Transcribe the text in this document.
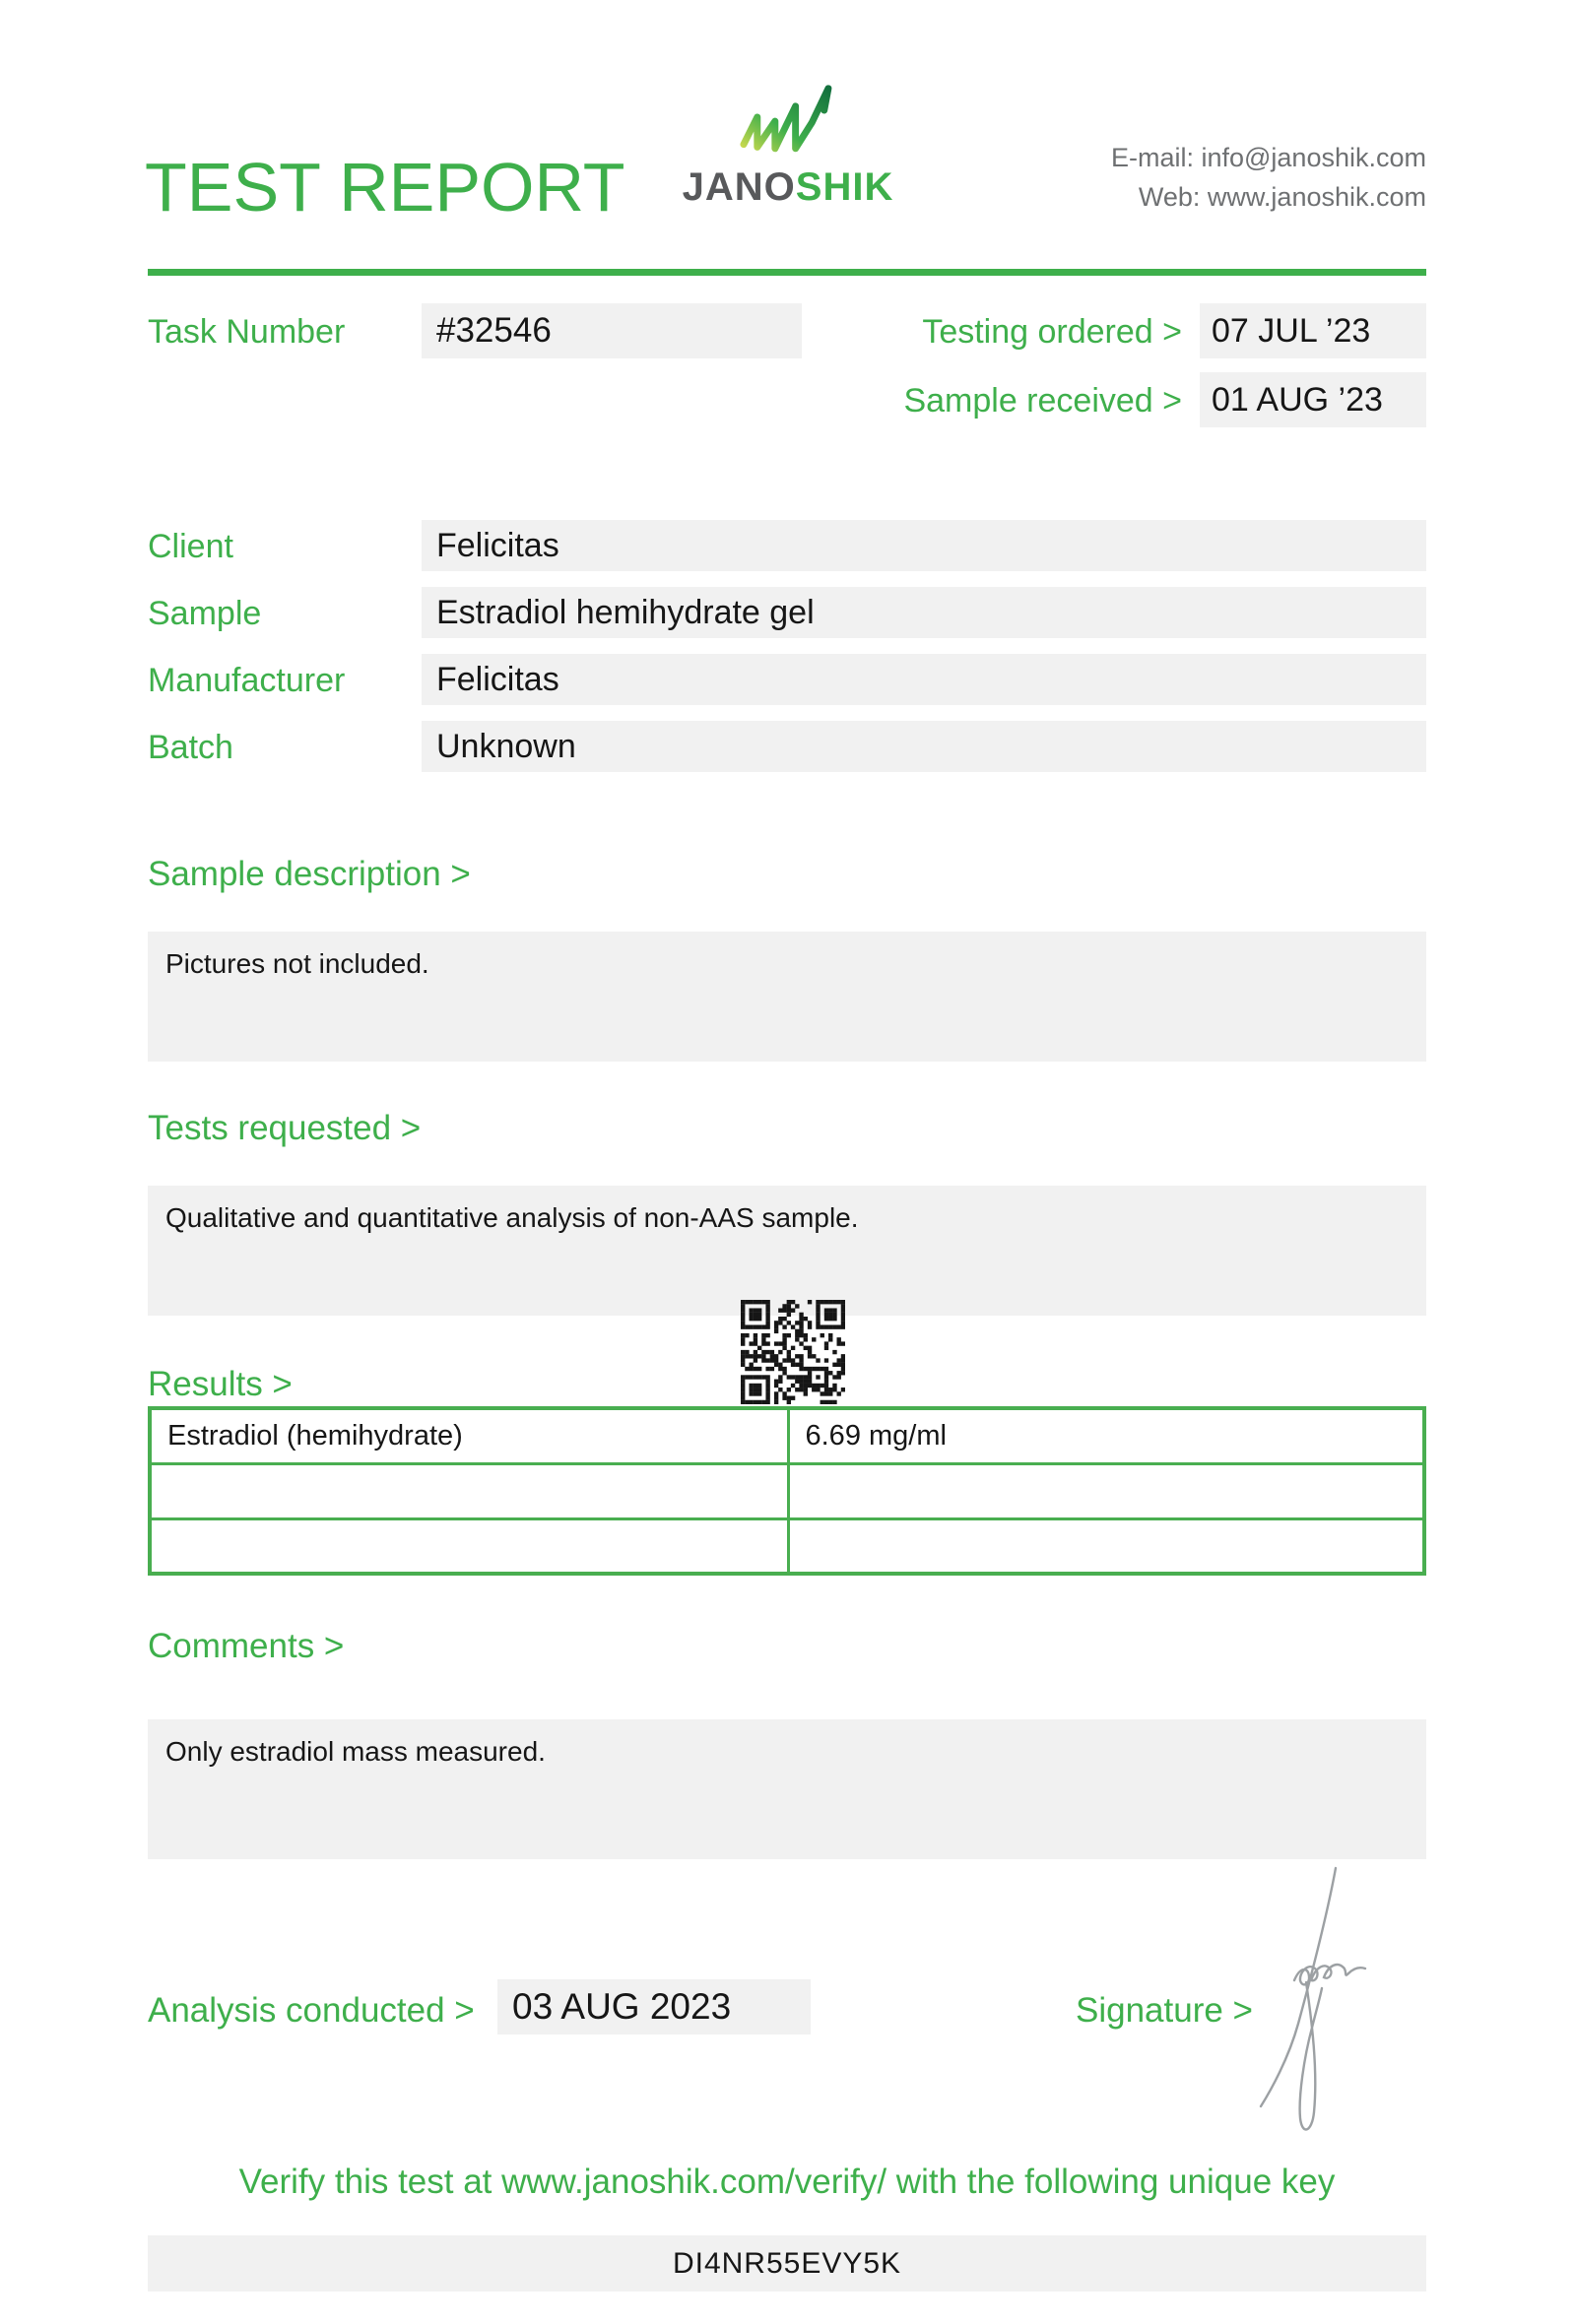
TEST REPORT JANOSHIK
E-mail: info@janoshik.com
Web: www.janoshik.com
Task Number	#32546	Testing ordered > 07 JUL ’23
Sample received > 01 AUG ’23
Client	Felicitas
Sample	Estradiol hemihydrate gel
Manufacturer	Felicitas
Batch	Unknown
Sample description >
Pictures not included.
Tests requested >
Qualitative and quantitative analysis of non-AAS sample.
Results >
Estradiol (hemihydrate)	6.69 mg/ml

Comments >
Only estradiol mass measured.
Analysis conducted >	03 AUG 2023	Signature >
Verify this test at www.janoshik.com/verify/ with the following unique key
DI4NR55EVY5K
